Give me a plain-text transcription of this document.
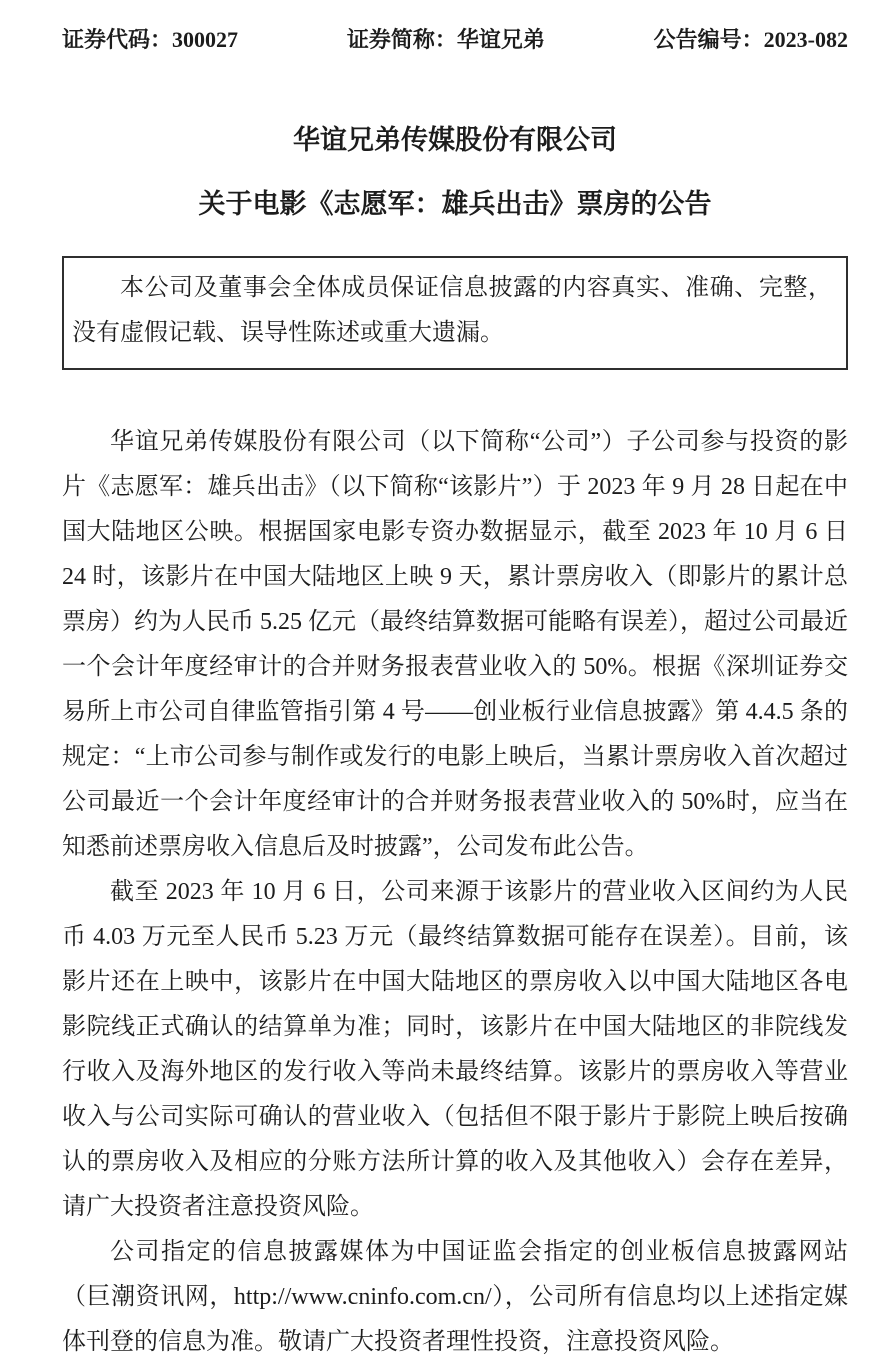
证券代码：300027	证券简称：华谊兄弟	公告编号：2023-082

华谊兄弟传媒股份有限公司

关于电影《志愿军：雄兵出击》票房的公告

本公司及董事会全体成员保证信息披露的内容真实、准确、完整，没有虚假记载、误导性陈述或重大遗漏。

华谊兄弟传媒股份有限公司（以下简称“公司”）子公司参与投资的影片《志愿军：雄兵出击》（以下简称“该影片”）于 2023 年 9 月 28 日起在中国大陆地区公映。根据国家电影专资办数据显示，截至 2023 年 10 月 6 日 24 时，该影片在中国大陆地区上映 9 天，累计票房收入（即影片的累计总票房）约为人民币 5.25 亿元（最终结算数据可能略有误差），超过公司最近一个会计年度经审计的合并财务报表营业收入的 50%。根据《深圳证券交易所上市公司自律监管指引第 4 号——创业板行业信息披露》第 4.4.5 条的规定：“上市公司参与制作或发行的电影上映后，当累计票房收入首次超过公司最近一个会计年度经审计的合并财务报表营业收入的 50%时，应当在知悉前述票房收入信息后及时披露”，公司发布此公告。

截至 2023 年 10 月 6 日，公司来源于该影片的营业收入区间约为人民币 4.03 万元至人民币 5.23 万元（最终结算数据可能存在误差）。目前，该影片还在上映中，该影片在中国大陆地区的票房收入以中国大陆地区各电影院线正式确认的结算单为准；同时，该影片在中国大陆地区的非院线发行收入及海外地区的发行收入等尚未最终结算。该影片的票房收入等营业收入与公司实际可确认的营业收入（包括但不限于影片于影院上映后按确认的票房收入及相应的分账方法所计算的收入及其他收入）会存在差异，请广大投资者注意投资风险。

公司指定的信息披露媒体为中国证监会指定的创业板信息披露网站（巨潮资讯网，http://www.cninfo.com.cn/），公司所有信息均以上述指定媒体刊登的信息为准。敬请广大投资者理性投资，注意投资风险。
